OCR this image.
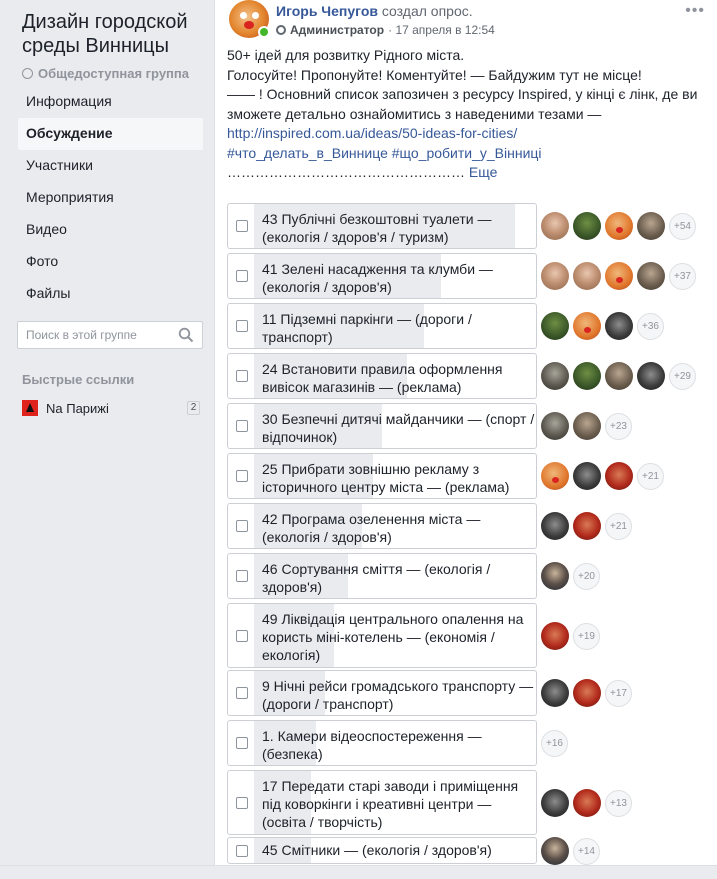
Дизайн городской среды Винницы
Общедоступная группа
Информация
Обсуждение
Участники
Мероприятия
Видео
Фото
Файлы
Поиск в этой группе
Быстрые ссылки
Na Парижі	2
Игорь Чепугов создал опрос.
Администратор · 17 апреля в 12:54
•••
50+ ідей для розвитку Рідного міста.
Голосуйте! Пропонуйте! Коментуйте! — Байдужим тут не місце!
—— ! Основний список запозичен з ресурсу Inspired, у кінці є лінк, де ви зможете детально ознайомитись з наведеними тезами —
http://inspired.com.ua/ideas/50-ideas-for-cities/
#что_делать_в_Виннице #що_робити_у_Вінниці
…………………………………………… Еще
43 Публічні безкоштовні туалети — (екологія / здоров'я / туризм)
+54
41 Зелені насадження та клумби — (екологія / здоров'я)
+37
11 Підземні паркінги — (дороги / транспорт)
+36
24 Встановити правила оформлення вивісок магазинів — (реклама)
+29
30 Безпечні дитячі майданчики — (спорт / відпочинок)
+23
25 Прибрати зовнішню рекламу з історичного центру міста — (реклама)
+21
42 Програма озеленення міста — (екологія / здоров'я)
+21
46 Сортування сміття — (екологія / здоров'я)
+20
49 Ліквідація центрального опалення на користь міні-котелень — (економія / екологія)
+19
9 Нічні рейси громадського транспорту — (дороги / транспорт)
+17
1. Камери відеоспостереження — (безпека)
+16
17 Передати старі заводи і приміщення під коворкінги і креативні центри — (освіта / творчість)
+13
45 Смітники — (екологія / здоров'я)	+14
